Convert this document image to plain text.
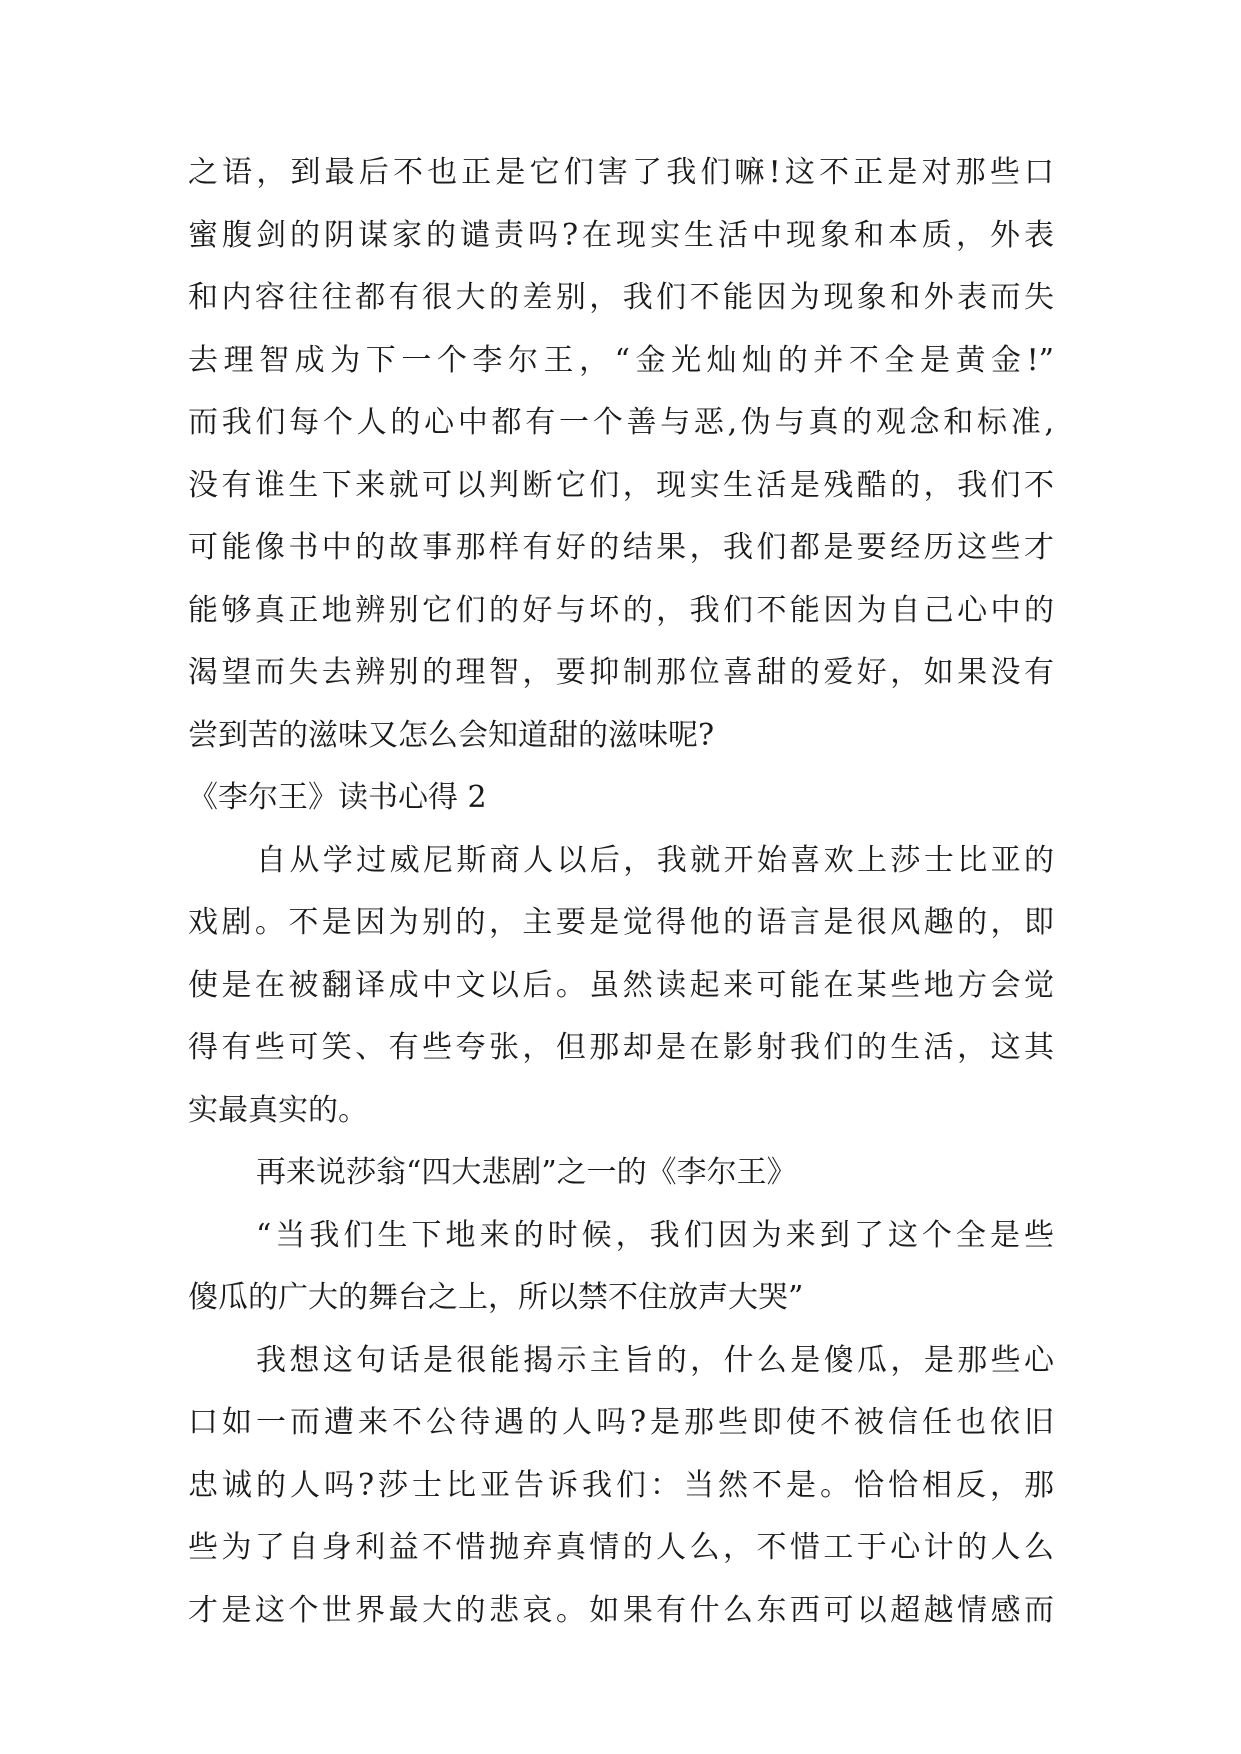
之语，到最后不也正是它们害了我们嘛!这不正是对那些口
蜜腹剑的阴谋家的谴责吗?在现实生活中现象和本质，外表
和内容往往都有很大的差别，我们不能因为现象和外表而失
去理智成为下一个李尔王，“金光灿灿的并不全是黄金!”
而我们每个人的心中都有一个善与恶,伪与真的观念和标准,
没有谁生下来就可以判断它们，现实生活是残酷的，我们不
可能像书中的故事那样有好的结果，我们都是要经历这些才
能够真正地辨别它们的好与坏的，我们不能因为自己心中的
渴望而失去辨别的理智，要抑制那位喜甜的爱好，如果没有
尝到苦的滋味又怎么会知道甜的滋味呢?
《李尔王》读书心得 2
自从学过威尼斯商人以后，我就开始喜欢上莎士比亚的
戏剧。不是因为别的，主要是觉得他的语言是很风趣的，即
使是在被翻译成中文以后。虽然读起来可能在某些地方会觉
得有些可笑、有些夸张，但那却是在影射我们的生活，这其
实最真实的。
再来说莎翁“四大悲剧”之一的《李尔王》
“当我们生下地来的时候，我们因为来到了这个全是些
傻瓜的广大的舞台之上，所以禁不住放声大哭”
我想这句话是很能揭示主旨的，什么是傻瓜，是那些心
口如一而遭来不公待遇的人吗?是那些即使不被信任也依旧
忠诚的人吗?莎士比亚告诉我们：当然不是。恰恰相反，那
些为了自身利益不惜抛弃真情的人么，不惜工于心计的人么
才是这个世界最大的悲哀。如果有什么东西可以超越情感而
